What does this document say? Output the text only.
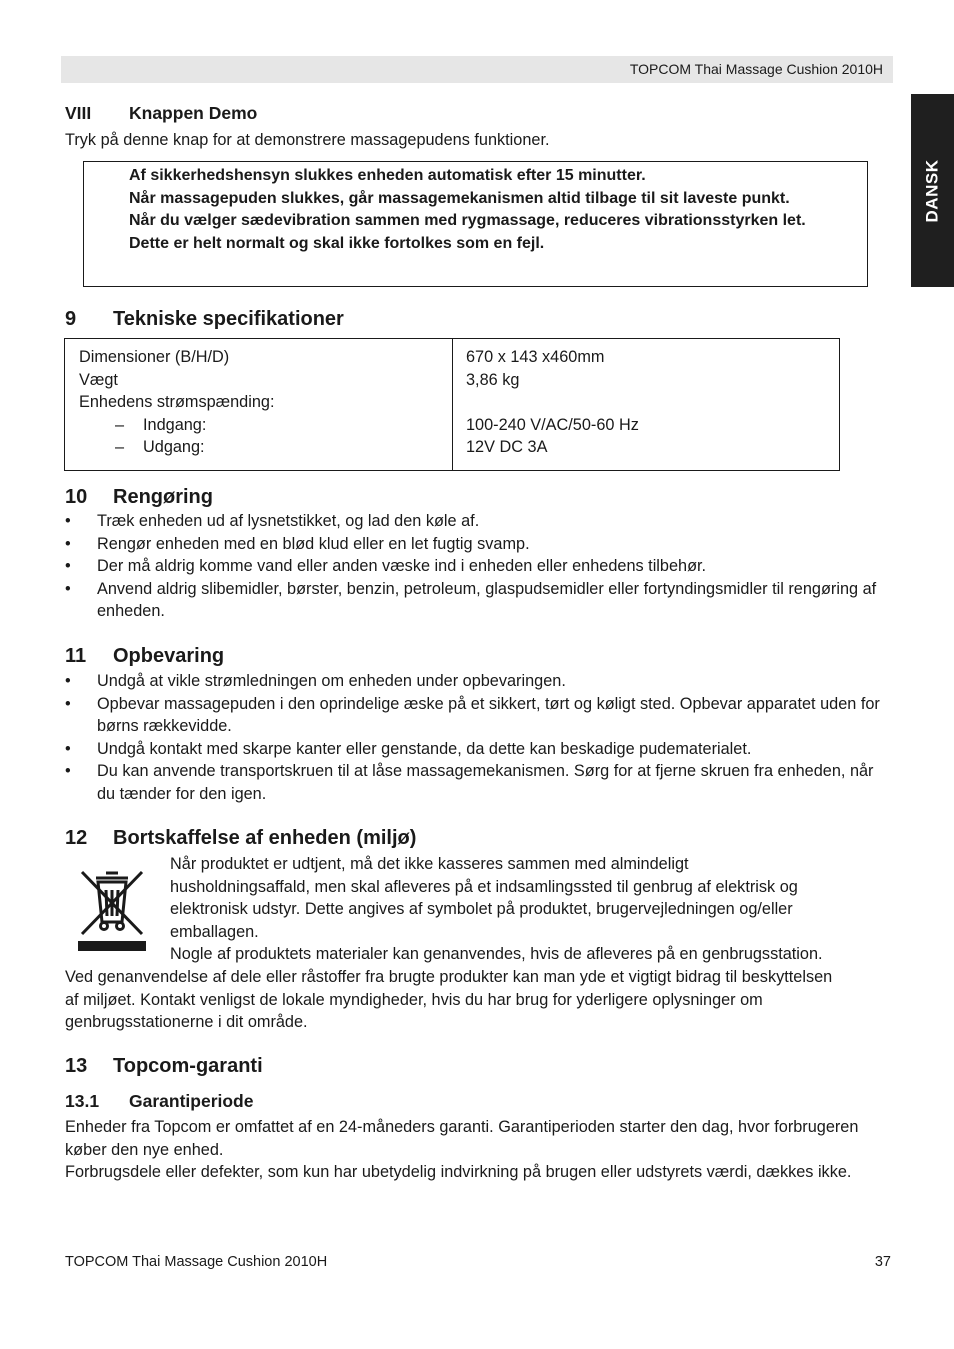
TOPCOM Thai Massage Cushion 2010H
DANSK
VIII Knappen Demo

Tryk på denne knap for at demonstrere massagepudens funktioner.

Af sikkerhedshensyn slukkes enheden automatisk efter 15 minutter.

Når massagepuden slukkes, går massagemekanismen altid tilbage til sit laveste punkt.

Når du vælger sædevibration sammen med rygmassage, reduceres vibrationsstyrken let. Dette er helt normalt og skal ikke fortolkes som en fejl.

9 Tekniske specifikationer
Dimensioner (B/H/D)
Vægt
Enhedens strømspænding:
– Indgang:
– Udgang:
670 x 143 x460mm
3,86 kg
100-240 V/AC/50-60 Hz
12V DC 3A
10 Rengøring
• Træk enheden ud af lysnetstikket, og lad den køle af.
• Rengør enheden med en blød klud eller en let fugtig svamp.
• Der må aldrig komme vand eller anden væske ind i enheden eller enhedens tilbehør.
• Anvend aldrig slibemidler, børster, benzin, petroleum, glaspudsemidler eller fortyndingsmidler til rengøring af enheden.
11 Opbevaring
• Undgå at vikle strømledningen om enheden under opbevaringen.
• Opbevar massagepuden i den oprindelige æske på et sikkert, tørt og køligt sted. Opbevar apparatet uden for børns rækkevidde.
• Undgå kontakt med skarpe kanter eller genstande, da dette kan beskadige pudematerialet.
• Du kan anvende transportskruen til at låse massagemekanismen. Sørg for at fjerne skruen fra enheden, når du tænder for den igen.
12 Bortskaffelse af enheden (miljø)

Når produktet er udtjent, må det ikke kasseres sammen med almindeligt

husholdningsaffald, men skal afleveres på et indsamlingssted til genbrug af elektrisk og

elektronisk udstyr. Dette angives af symbolet på produktet, brugervejledningen og/eller

emballagen.

Nogle af produktets materialer kan genanvendes, hvis de afleveres på en genbrugsstation.

Ved genanvendelse af dele eller råstoffer fra brugte produkter kan man yde et vigtigt bidrag til beskyttelsen af miljøet. Kontakt venligst de lokale myndigheder, hvis du har brug for yderligere oplysninger om genbrugsstationerne i dit område.

13 Topcom-garanti
13.1 Garantiperiode

Enheder fra Topcom er omfattet af en 24-måneders garanti. Garantiperioden starter den dag, hvor forbrugeren køber den nye enhed.

Forbrugsdele eller defekter, som kun har ubetydelig indvirkning på brugen eller udstyrets værdi, dækkes ikke.

TOPCOM Thai Massage Cushion 2010H	37
